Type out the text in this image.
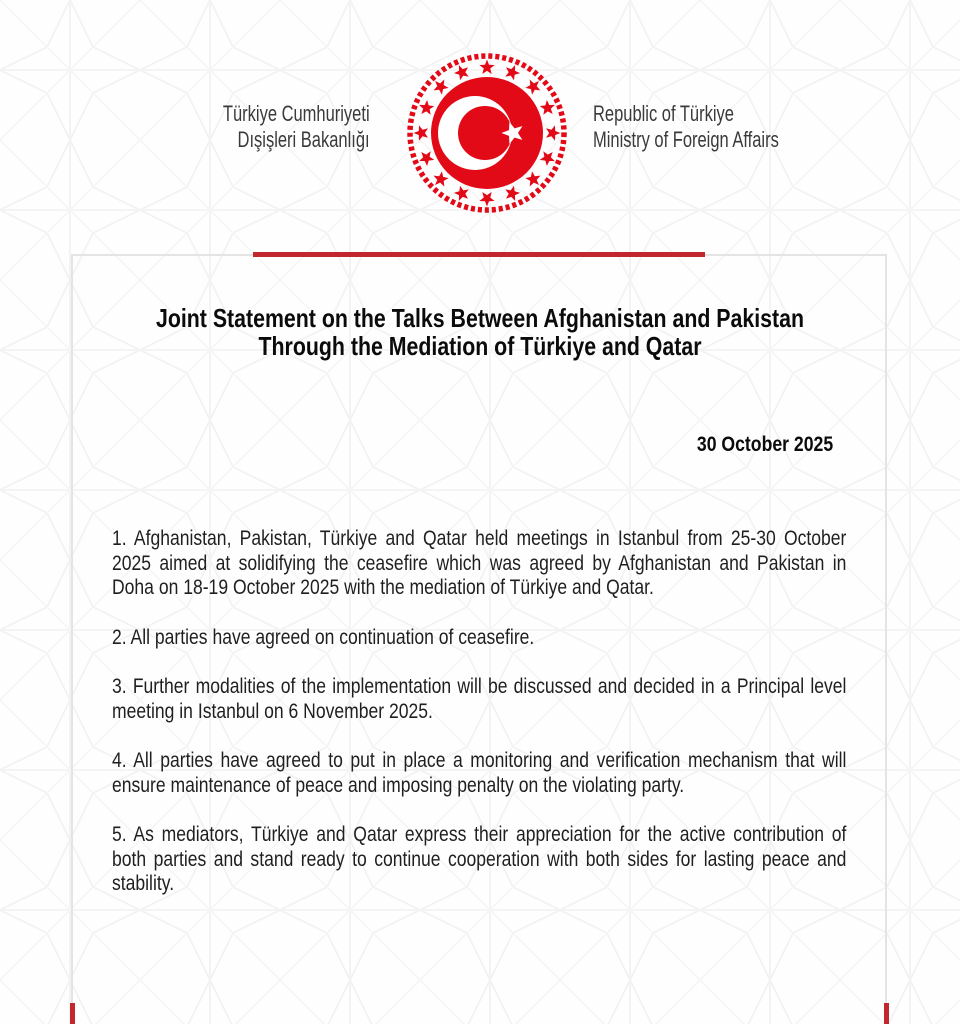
Türkiye Cumhuriyeti
Dışişleri Bakanlığı
Republic of Türkiye
Ministry of Foreign Affairs
Joint Statement on the Talks Between Afghanistan and Pakistan
Through the Mediation of Türkiye and Qatar
30 October 2025

1. Afghanistan, Pakistan, Türkiye and Qatar held meetings in Istanbul from 25-30 October 2025 aimed at solidifying the ceasefire which was agreed by Afghanistan and Pakistan in Doha on 18-19 October 2025 with the mediation of Türkiye and Qatar.

2. All parties have agreed on continuation of ceasefire.

3. Further modalities of the implementation will be discussed and decided in a Principal level meeting in Istanbul on 6 November 2025.

4. All parties have agreed to put in place a monitoring and verification mechanism that will ensure maintenance of peace and imposing penalty on the violating party.

5. As mediators, Türkiye and Qatar express their appreciation for the active contribution of both parties and stand ready to continue cooperation with both sides for lasting peace and stability.
